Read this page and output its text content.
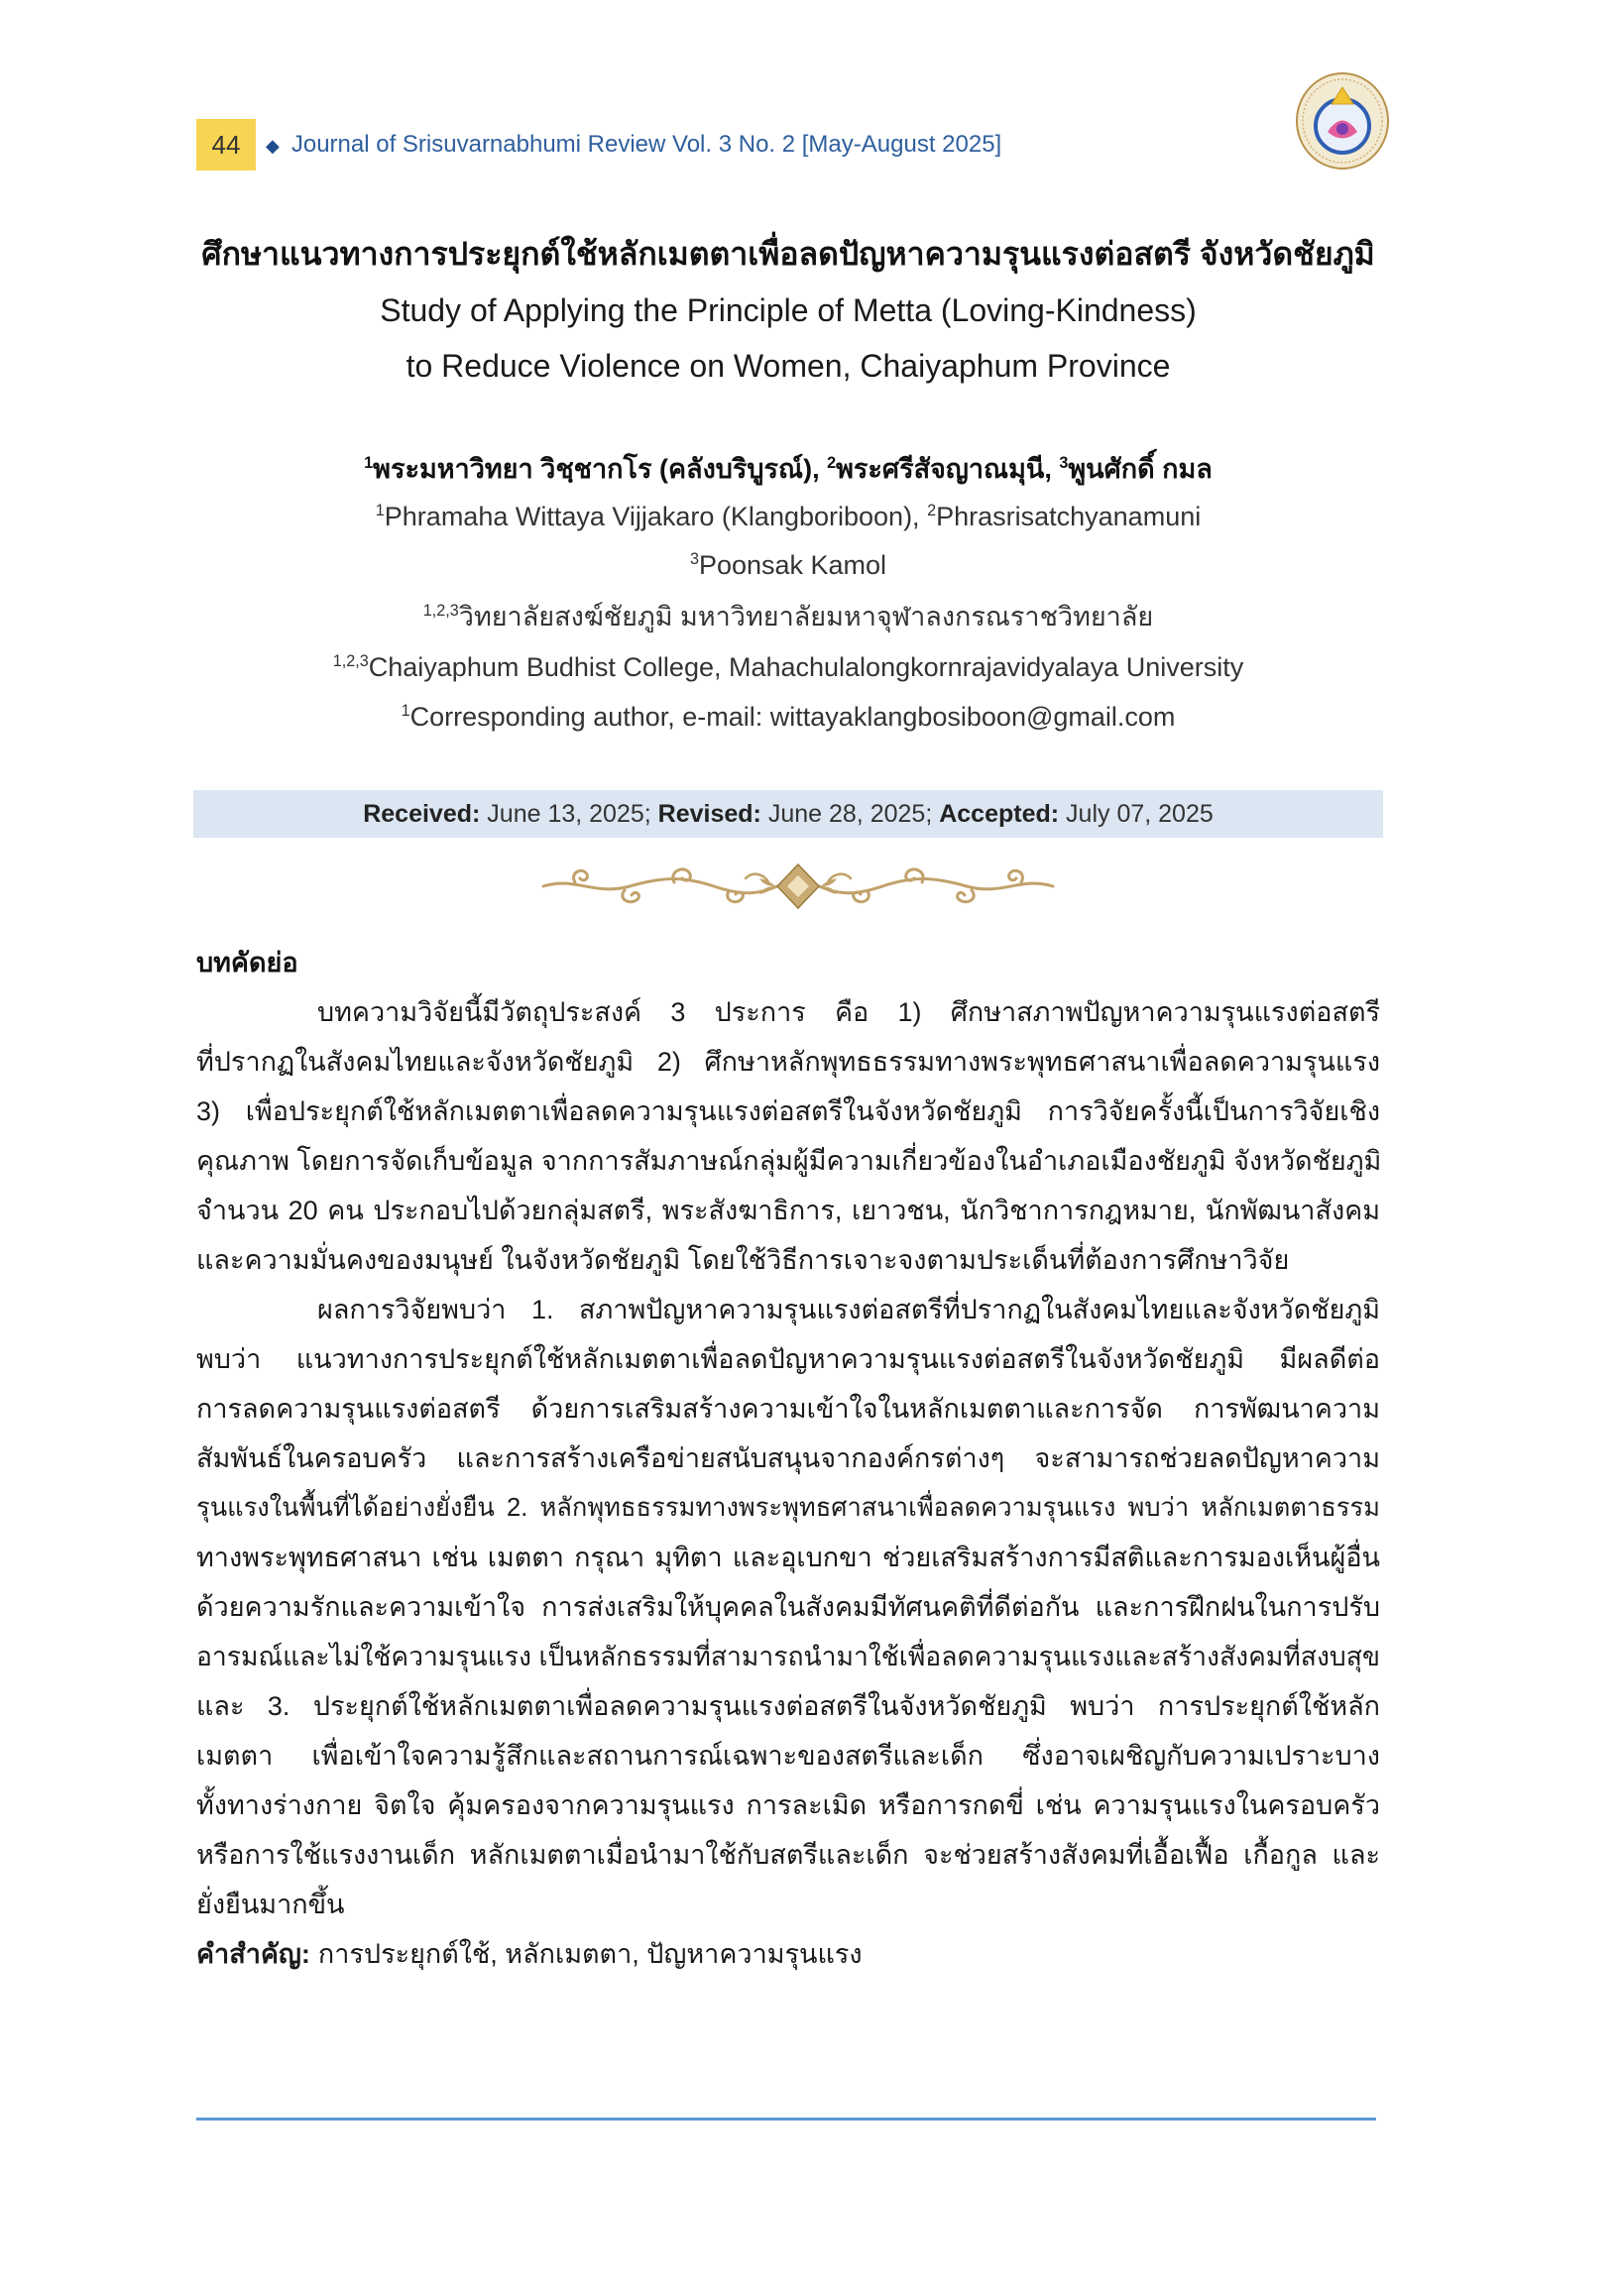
44	◆ Journal of Srisuvarnabhumi Review Vol. 3 No. 2 [May-August 2025]
ศึกษาแนวทางการประยุกต์ใช้หลักเมตตาเพื่อลดปัญหาความรุนแรงต่อสตรี จังหวัดชัยภูมิ
Study of Applying the Principle of Metta (Loving-Kindness)
to Reduce Violence on Women, Chaiyaphum Province
$^1$พระมหาวิทยา วิชฺชากโร (คลังบริบูรณ์), $^2$พระศรีสัจญาณมุนี, $^3$พูนศักดิ์ กมล
$^1$Phramaha Wittaya Vijjakaro (Klangboriboon), $^2$Phrasrisatchyanamuni
$^3$Poonsak Kamol
$^{1,2,3}$วิทยาลัยสงฆ์ชัยภูมิ มหาวิทยาลัยมหาจุฬาลงกรณราชวิทยาลัย
$^{1,2,3}$Chaiyaphum Budhist College, Mahachulalongkornrajavidyalaya University
$^1$Corresponding author, e-mail: wittayaklangbosiboon@gmail.com
Received: June 13, 2025; Revised: June 28, 2025; Accepted: July 07, 2025
บทคัดย่อ
บทความวิจัยนี้มีวัตถุประสงค์ 3 ประการ คือ 1) ศึกษาสภาพปัญหาความรุนแรงต่อสตรี
ที่ปรากฏในสังคมไทยและจังหวัดชัยภูมิ 2) ศึกษาหลักพุทธธรรมทางพระพุทธศาสนาเพื่อลดความรุนแรง
3) เพื่อประยุกต์ใช้หลักเมตตาเพื่อลดความรุนแรงต่อสตรีในจังหวัดชัยภูมิ การวิจัยครั้งนี้เป็นการวิจัยเชิง
คุณภาพ โดยการจัดเก็บข้อมูล จากการสัมภาษณ์กลุ่มผู้มีความเกี่ยวข้องในอำเภอเมืองชัยภูมิ จังหวัดชัยภูมิ
จำนวน 20 คน ประกอบไปด้วยกลุ่มสตรี, พระสังฆาธิการ, เยาวชน, นักวิชาการกฎหมาย, นักพัฒนาสังคม
และความมั่นคงของมนุษย์ ในจังหวัดชัยภูมิ โดยใช้วิธีการเจาะจงตามประเด็นที่ต้องการศึกษาวิจัย
ผลการวิจัยพบว่า 1. สภาพปัญหาความรุนแรงต่อสตรีที่ปรากฏในสังคมไทยและจังหวัดชัยภูมิ
พบว่า แนวทางการประยุกต์ใช้หลักเมตตาเพื่อลดปัญหาความรุนแรงต่อสตรีในจังหวัดชัยภูมิ มีผลดีต่อ
การลดความรุนแรงต่อสตรี ด้วยการเสริมสร้างความเข้าใจในหลักเมตตาและการจัด การพัฒนาความ
สัมพันธ์ในครอบครัว และการสร้างเครือข่ายสนับสนุนจากองค์กรต่างๆ จะสามารถช่วยลดปัญหาความ
รุนแรงในพื้นที่ได้อย่างยั่งยืน 2. หลักพุทธธรรมทางพระพุทธศาสนาเพื่อลดความรุนแรง พบว่า หลักเมตตาธรรม
ทางพระพุทธศาสนา เช่น เมตตา กรุณา มุทิตา และอุเบกขา ช่วยเสริมสร้างการมีสติและการมองเห็นผู้อื่น
ด้วยความรักและความเข้าใจ การส่งเสริมให้บุคคลในสังคมมีทัศนคติที่ดีต่อกัน และการฝึกฝนในการปรับ
อารมณ์และไม่ใช้ความรุนแรง เป็นหลักธรรมที่สามารถนำมาใช้เพื่อลดความรุนแรงและสร้างสังคมที่สงบสุข
และ 3. ประยุกต์ใช้หลักเมตตาเพื่อลดความรุนแรงต่อสตรีในจังหวัดชัยภูมิ พบว่า การประยุกต์ใช้หลัก
เมตตา เพื่อเข้าใจความรู้สึกและสถานการณ์เฉพาะของสตรีและเด็ก ซึ่งอาจเผชิญกับความเปราะบาง
ทั้งทางร่างกาย จิตใจ คุ้มครองจากความรุนแรง การละเมิด หรือการกดขี่ เช่น ความรุนแรงในครอบครัว
หรือการใช้แรงงานเด็ก หลักเมตตาเมื่อนำมาใช้กับสตรีและเด็ก จะช่วยสร้างสังคมที่เอื้อเฟื้อ เกื้อกูล และ
ยั่งยืนมากขึ้น
คำสำคัญ: การประยุกต์ใช้, หลักเมตตา, ปัญหาความรุนแรง
